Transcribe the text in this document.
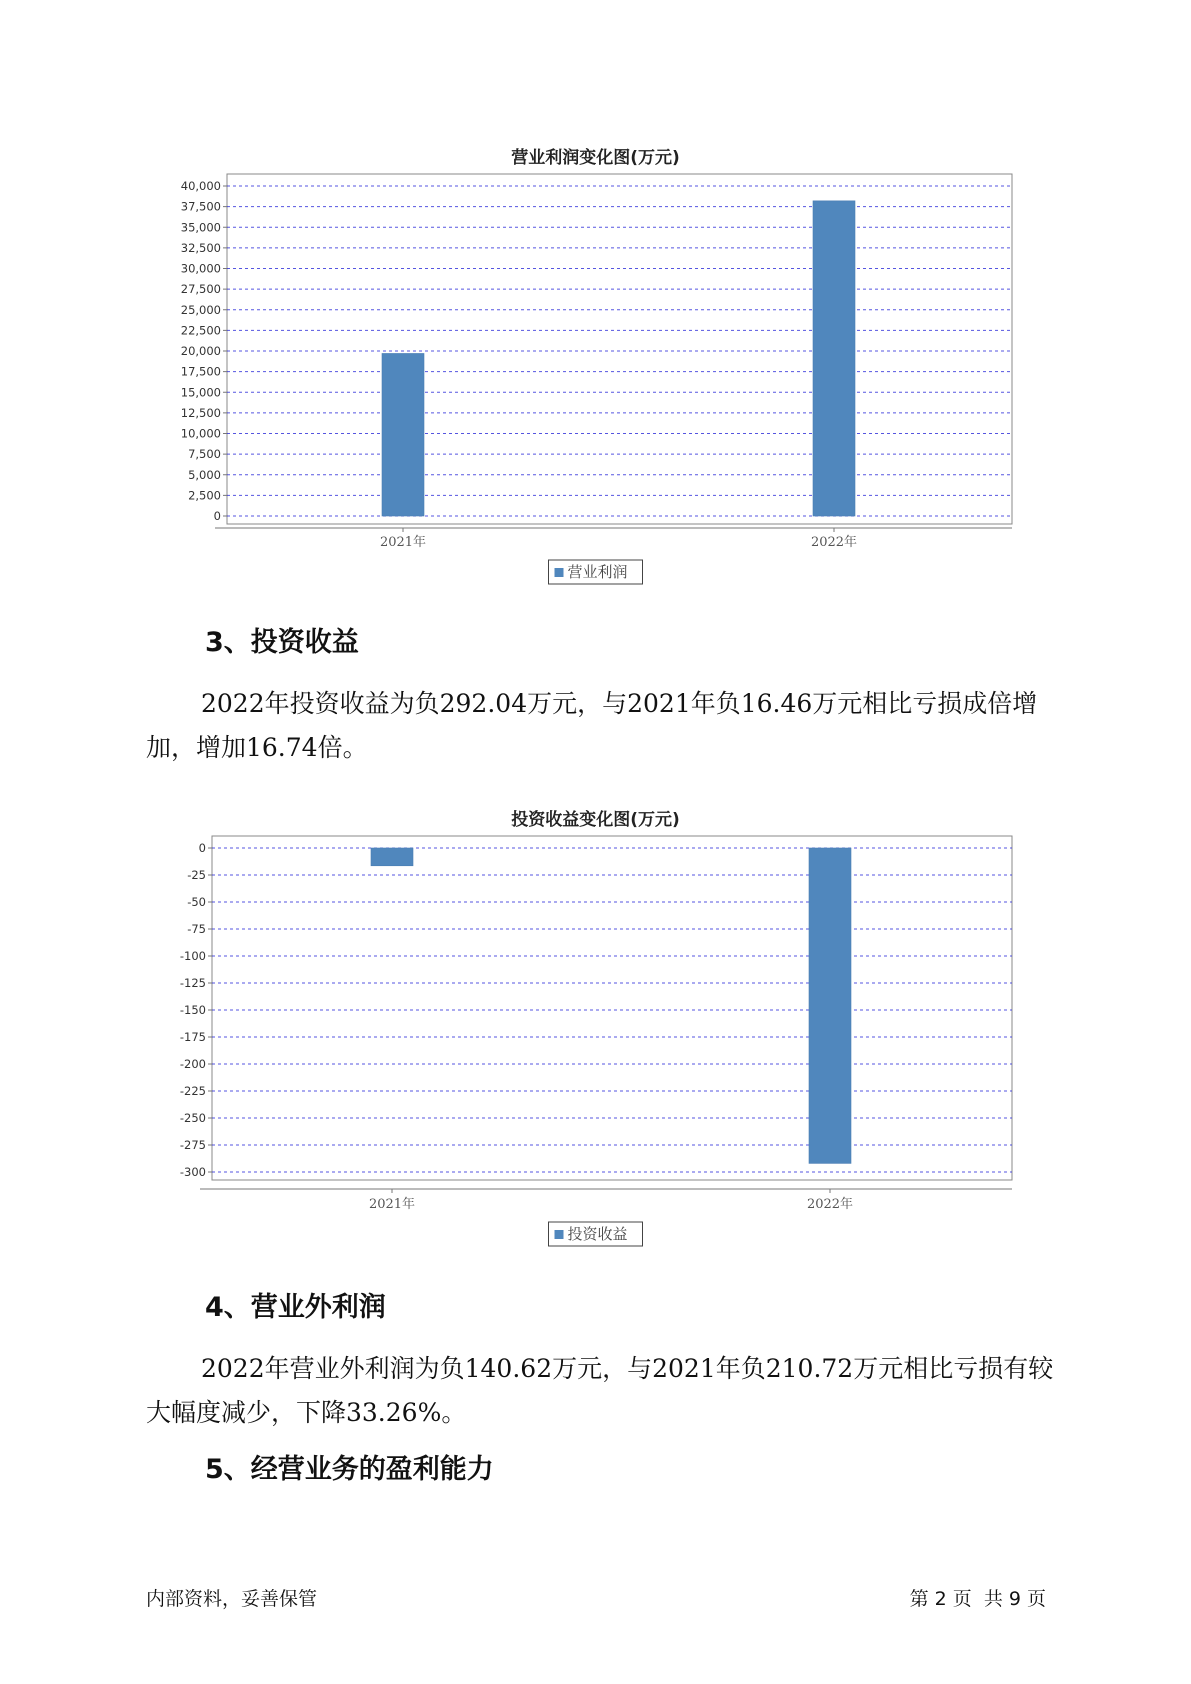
营业利润变化图(万元)
0
2,500
5,000
7,500
10,000
12,500
15,000
17,500
20,000
22,500
25,000
27,500
30,000
32,500
35,000
37,500
40,000
2021年	2022年
营业利润
3、投资收益

2022年投资收益为负292.04万元，与2021年负16.46万元相比亏损成倍增加，增加16.74倍。

投资收益变化图(万元)
0
-25
-50
-75
-100
-125
-150
-175
-200
-225
-250
-275
-300
2021年	2022年
投资收益
4、营业外利润

2022年营业外利润为负140.62万元，与2021年负210.72万元相比亏损有较大幅度减少，下降33.26%。

5、经营业务的盈利能力
内部资料，妥善保管	第 2 页  共 9 页
